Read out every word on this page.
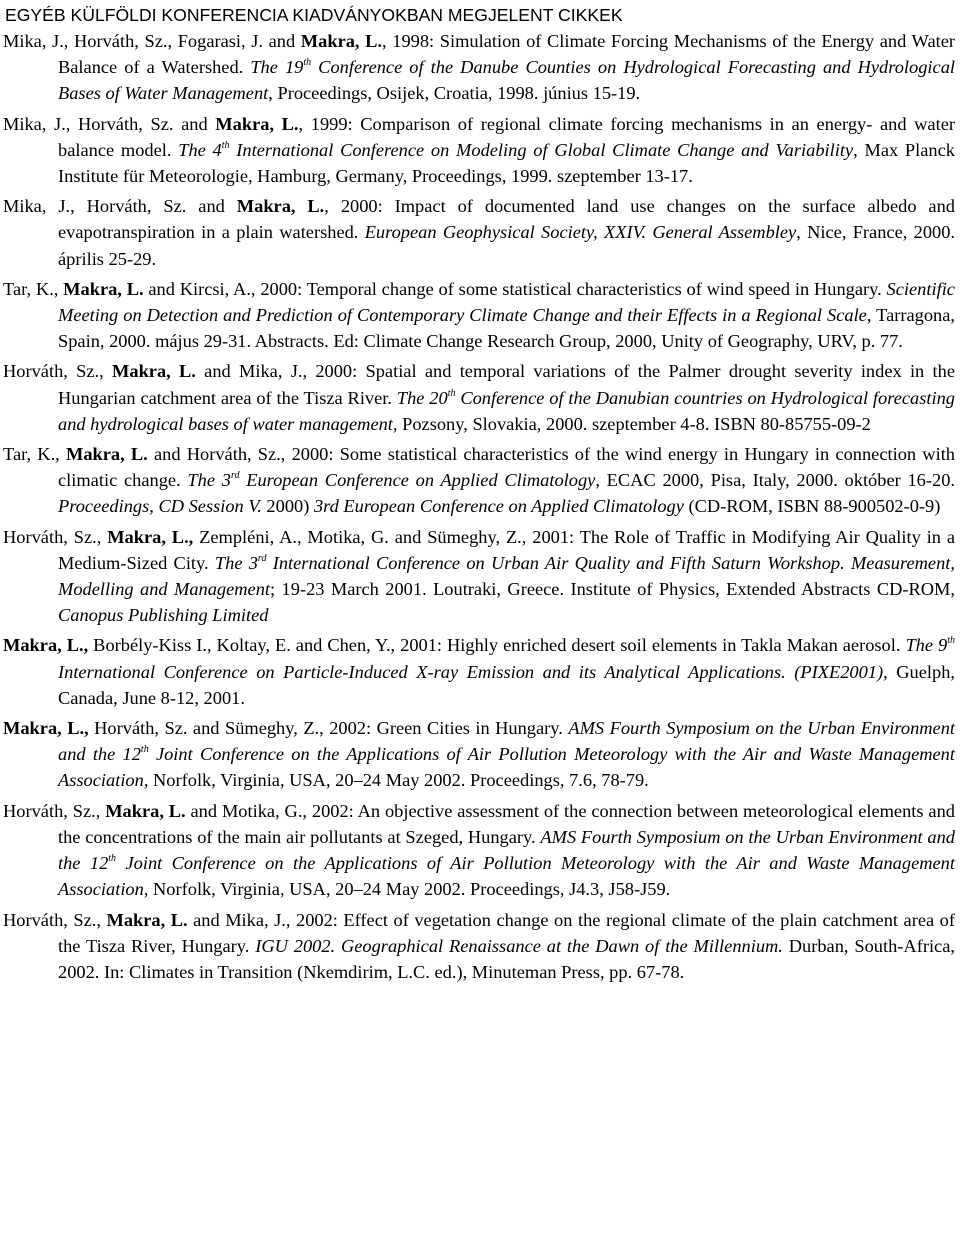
EGYÉB KÜLFÖLDI KONFERENCIA KIADVÁNYOKBAN MEGJELENT CIKKEK

Mika, J., Horváth, Sz., Fogarasi, J. and Makra, L., 1998: Simulation of Climate Forcing Mechanisms of the Energy and Water Balance of a Watershed. The 19th Conference of the Danube Counties on Hydrological Forecasting and Hydrological Bases of Water Management, Proceedings, Osijek, Croatia, 1998. június 15-19.

Mika, J., Horváth, Sz. and Makra, L., 1999: Comparison of regional climate forcing mechanisms in an energy- and water balance model. The 4th International Conference on Modeling of Global Climate Change and Variability, Max Planck Institute für Meteorologie, Hamburg, Germany, Proceedings, 1999. szeptember 13-17.

Mika, J., Horváth, Sz. and Makra, L., 2000: Impact of documented land use changes on the surface albedo and evapotranspiration in a plain watershed. European Geophysical Society, XXIV. General Assembley, Nice, France, 2000. április 25-29.

Tar, K., Makra, L. and Kircsi, A., 2000: Temporal change of some statistical characteristics of wind speed in Hungary. Scientific Meeting on Detection and Prediction of Contemporary Climate Change and their Effects in a Regional Scale, Tarragona, Spain, 2000. május 29-31. Abstracts. Ed: Climate Change Research Group, 2000, Unity of Geography, URV, p. 77.

Horváth, Sz., Makra, L. and Mika, J., 2000: Spatial and temporal variations of the Palmer drought severity index in the Hungarian catchment area of the Tisza River. The 20th Conference of the Danubian countries on Hydrological forecasting and hydrological bases of water management, Pozsony, Slovakia, 2000. szeptember 4-8. ISBN 80-85755-09-2

Tar, K., Makra, L. and Horváth, Sz., 2000: Some statistical characteristics of the wind energy in Hungary in connection with climatic change. The 3rd European Conference on Applied Climatology, ECAC 2000, Pisa, Italy, 2000. október 16-20. Proceedings, CD Session V. 2000) 3rd European Conference on Applied Climatology (CD-ROM, ISBN 88-900502-0-9)

Horváth, Sz., Makra, L., Zempléni, A., Motika, G. and Sümeghy, Z., 2001: The Role of Traffic in Modifying Air Quality in a Medium-Sized City. The 3rd International Conference on Urban Air Quality and Fifth Saturn Workshop. Measurement, Modelling and Management; 19-23 March 2001. Loutraki, Greece. Institute of Physics, Extended Abstracts CD-ROM, Canopus Publishing Limited

Makra, L., Borbély-Kiss I., Koltay, E. and Chen, Y., 2001: Highly enriched desert soil elements in Takla Makan aerosol. The 9th International Conference on Particle-Induced X-ray Emission and its Analytical Applications. (PIXE2001), Guelph, Canada, June 8-12, 2001.

Makra, L., Horváth, Sz. and Sümeghy, Z., 2002: Green Cities in Hungary. AMS Fourth Symposium on the Urban Environment and the 12th Joint Conference on the Applications of Air Pollution Meteorology with the Air and Waste Management Association, Norfolk, Virginia, USA, 20–24 May 2002. Proceedings, 7.6, 78-79.

Horváth, Sz., Makra, L. and Motika, G., 2002: An objective assessment of the connection between meteorological elements and the concentrations of the main air pollutants at Szeged, Hungary. AMS Fourth Symposium on the Urban Environment and the 12th Joint Conference on the Applications of Air Pollution Meteorology with the Air and Waste Management Association, Norfolk, Virginia, USA, 20–24 May 2002. Proceedings, J4.3, J58-J59.

Horváth, Sz., Makra, L. and Mika, J., 2002: Effect of vegetation change on the regional climate of the plain catchment area of the Tisza River, Hungary. IGU 2002. Geographical Renaissance at the Dawn of the Millennium. Durban, South-Africa, 2002. In: Climates in Transition (Nkemdirim, L.C. ed.), Minuteman Press, pp. 67-78.
